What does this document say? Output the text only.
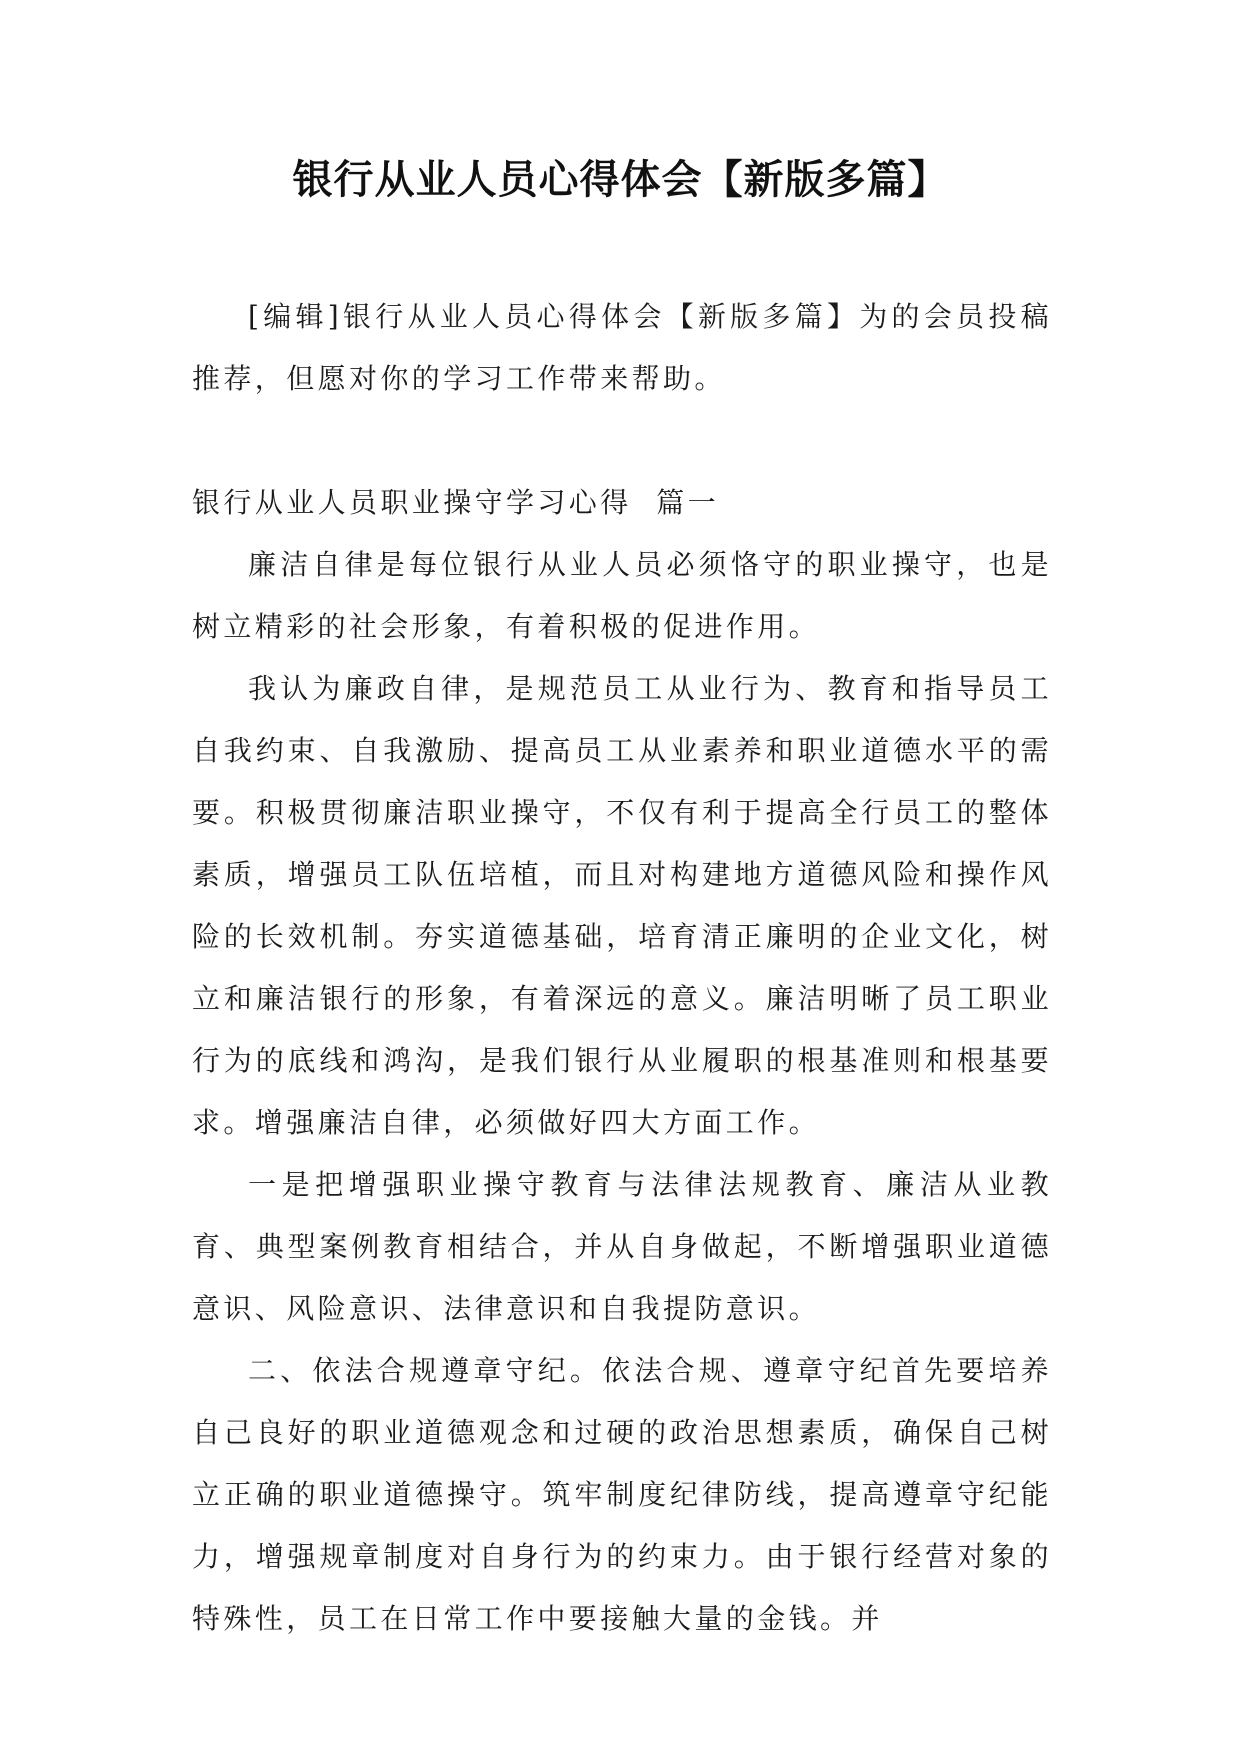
银行从业人员心得体会【新版多篇】

[编辑]银行从业人员心得体会【新版多篇】为的会员投稿推荐，但愿对你的学习工作带来帮助。

银行从业人员职业操守学习心得  篇一

廉洁自律是每位银行从业人员必须恪守的职业操守，也是树立精彩的社会形象，有着积极的促进作用。

我认为廉政自律，是规范员工从业行为、教育和指导员工自我约束、自我激励、提高员工从业素养和职业道德水平的需要。积极贯彻廉洁职业操守，不仅有利于提高全行员工的整体素质，增强员工队伍培植，而且对构建地方道德风险和操作风险的长效机制。夯实道德基础，培育清正廉明的企业文化，树立和廉洁银行的形象，有着深远的意义。廉洁明晰了员工职业行为的底线和鸿沟，是我们银行从业履职的根基准则和根基要求。增强廉洁自律，必须做好四大方面工作。

一是把增强职业操守教育与法律法规教育、廉洁从业教育、典型案例教育相结合，并从自身做起，不断增强职业道德意识、风险意识、法律意识和自我提防意识。

二、依法合规遵章守纪。依法合规、遵章守纪首先要培养自己良好的职业道德观念和过硬的政治思想素质，确保自己树立正确的职业道德操守。筑牢制度纪律防线，提高遵章守纪能力，增强规章制度对自身行为的约束力。由于银行经营对象的特殊性，员工在日常工作中要接触大量的金钱。并
